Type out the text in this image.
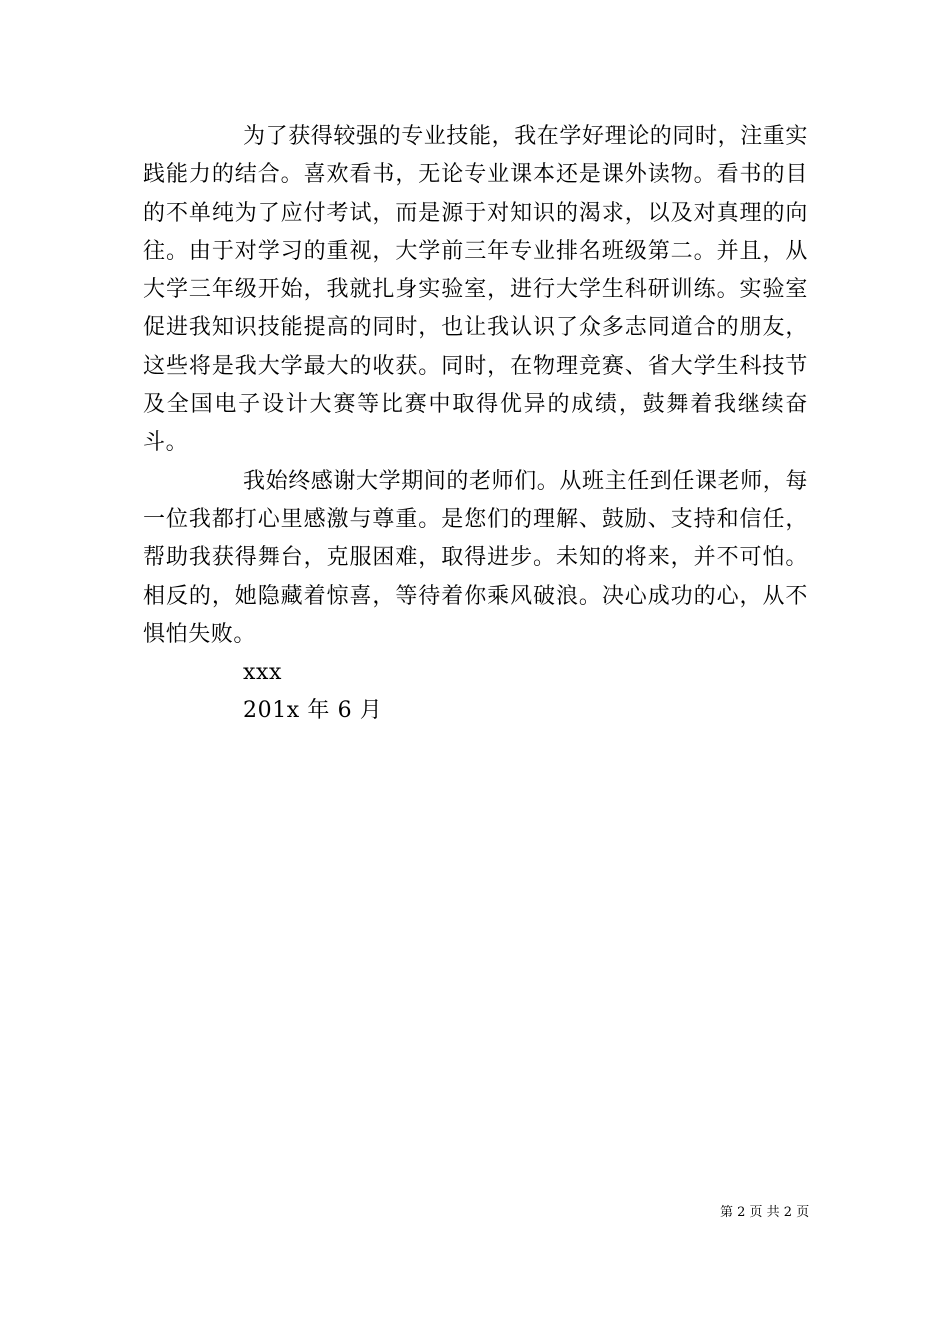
为了获得较强的专业技能，我在学好理论的同时，注重实践能力的结合。喜欢看书，无论专业课本还是课外读物。看书的目的不单纯为了应付考试，而是源于对知识的渴求，以及对真理的向往。由于对学习的重视，大学前三年专业排名班级第二。并且，从大学三年级开始，我就扎身实验室，进行大学生科研训练。实验室促进我知识技能提高的同时，也让我认识了众多志同道合的朋友，这些将是我大学最大的收获。同时，在物理竞赛、省大学生科技节及全国电子设计大赛等比赛中取得优异的成绩，鼓舞着我继续奋斗。

我始终感谢大学期间的老师们。从班主任到任课老师，每一位我都打心里感激与尊重。是您们的理解、鼓励、支持和信任，帮助我获得舞台，克服困难，取得进步。未知的将来，并不可怕。相反的，她隐藏着惊喜，等待着你乘风破浪。决心成功的心，从不惧怕失败。

xxx

201x 年 6 月

第 2 页 共 2 页
